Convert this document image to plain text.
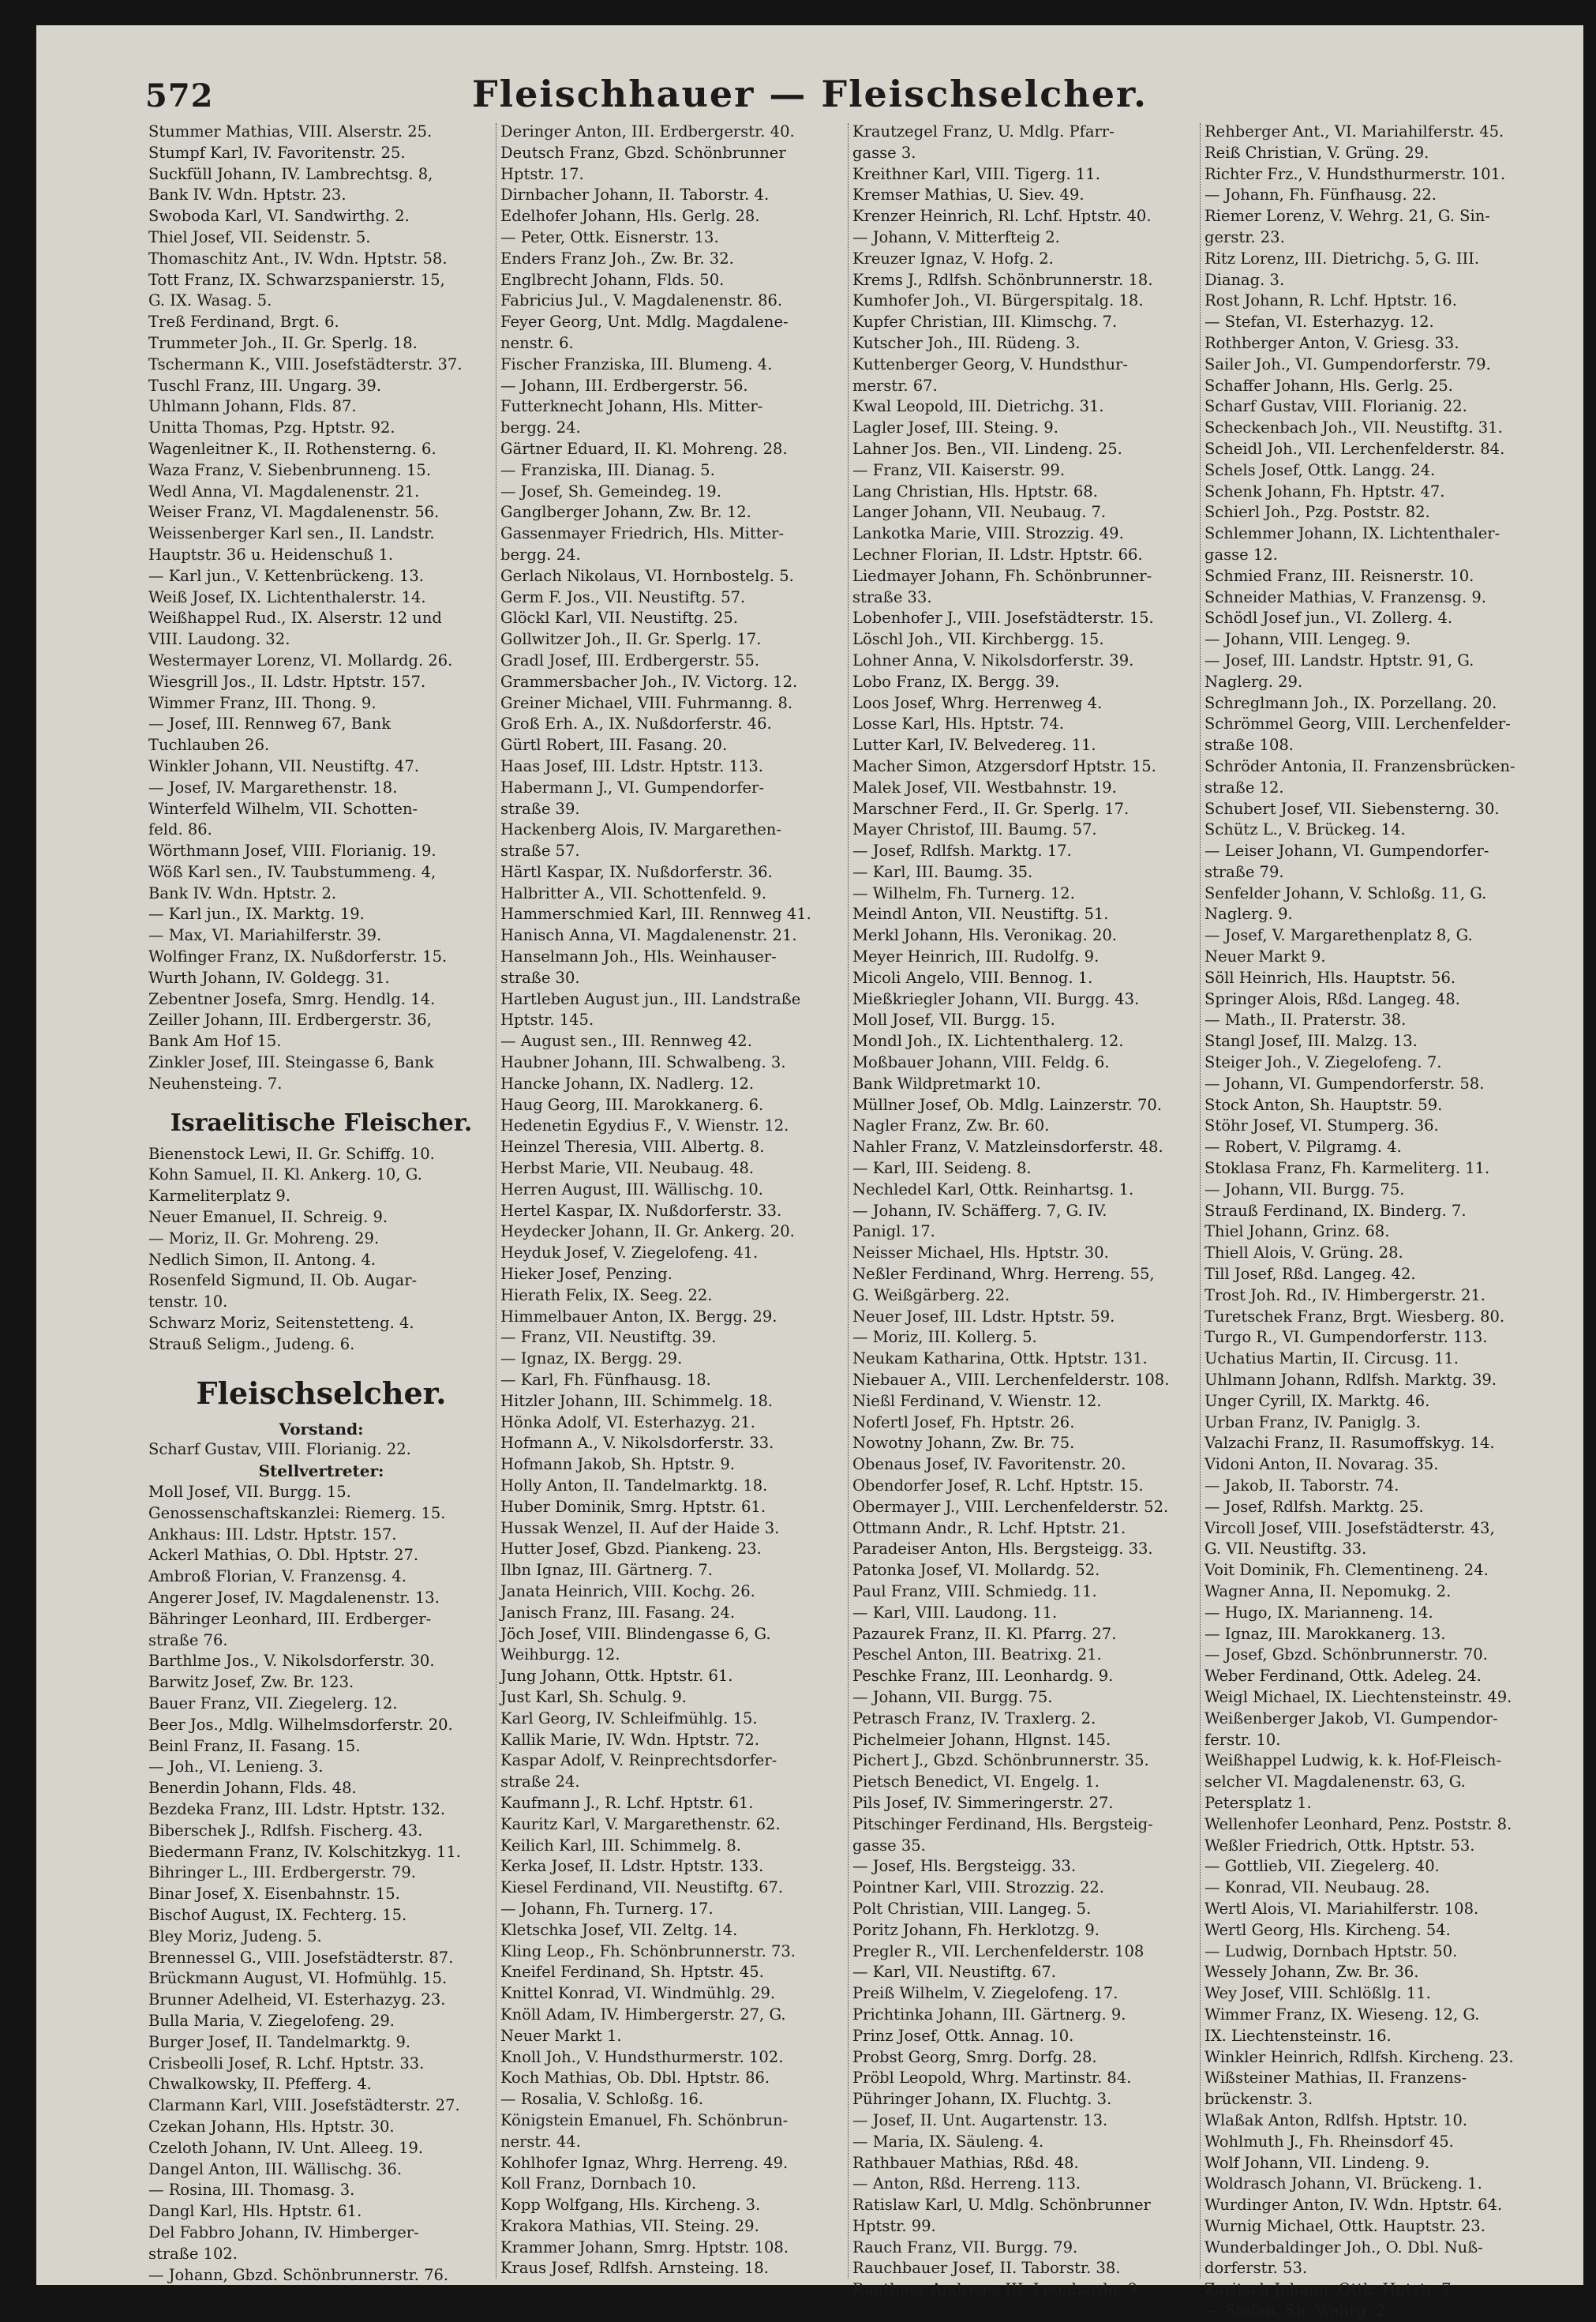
572	Fleischhauer — Fleischselcher.
Stummer Mathias, VIII. Alserstr. 25.
Stumpf Karl, IV. Favoritenstr. 25.
Suckfüll Johann, IV. Lambrechtsg. 8,
Bank IV. Wdn. Hptstr. 23.
Swoboda Karl, VI. Sandwirthg. 2.
Thiel Josef, VII. Seidenstr. 5.
Thomaschitz Ant., IV. Wdn. Hptstr. 58.
Tott Franz, IX. Schwarzspanierstr. 15,
G. IX. Wasag. 5.
Treß Ferdinand, Brgt. 6.
Trummeter Joh., II. Gr. Sperlg. 18.
Tschermann K., VIII. Josefstädterstr. 37.
Tuschl Franz, III. Ungarg. 39.
Uhlmann Johann, Flds. 87.
Unitta Thomas, Pzg. Hptstr. 92.
Wagenleitner K., II. Rothensterng. 6.
Waza Franz, V. Siebenbrunneng. 15.
Wedl Anna, VI. Magdalenenstr. 21.
Weiser Franz, VI. Magdalenenstr. 56.
Weissenberger Karl sen., II. Landstr.
Hauptstr. 36 u. Heidenschuß 1.
— Karl jun., V. Kettenbrückeng. 13.
Weiß Josef, IX. Lichtenthalerstr. 14.
Weißhappel Rud., IX. Alserstr. 12 und
VIII. Laudong. 32.
Westermayer Lorenz, VI. Mollardg. 26.
Wiesgrill Jos., II. Ldstr. Hptstr. 157.
Wimmer Franz, III. Thong. 9.
— Josef, III. Rennweg 67, Bank
Tuchlauben 26.
Winkler Johann, VII. Neustiftg. 47.
— Josef, IV. Margarethenstr. 18.
Winterfeld Wilhelm, VII. Schotten-
feld. 86.
Wörthmann Josef, VIII. Florianig. 19.
Wöß Karl sen., IV. Taubstummeng. 4,
Bank IV. Wdn. Hptstr. 2.
— Karl jun., IX. Marktg. 19.
— Max, VI. Mariahilferstr. 39.
Wolfinger Franz, IX. Nußdorferstr. 15.
Wurth Johann, IV. Goldegg. 31.
Zebentner Josefa, Smrg. Hendlg. 14.
Zeiller Johann, III. Erdbergerstr. 36,
Bank Am Hof 15.
Zinkler Josef, III. Steingasse 6, Bank
Neuhensteing. 7.
Israelitische Fleischer.
Bienenstock Lewi, II. Gr. Schiffg. 10.
Kohn Samuel, II. Kl. Ankerg. 10, G.
Karmeliterplatz 9.
Neuer Emanuel, II. Schreig. 9.
— Moriz, II. Gr. Mohreng. 29.
Nedlich Simon, II. Antong. 4.
Rosenfeld Sigmund, II. Ob. Augar-
tenstr. 10.
Schwarz Moriz, Seitenstetteng. 4.
Strauß Seligm., Judeng. 6.
Fleischselcher.
Vorstand:
Scharf Gustav, VIII. Florianig. 22.
Stellvertreter:
Moll Josef, VII. Burgg. 15.
Genossenschaftskanzlei: Riemerg. 15.
Ankhaus: III. Ldstr. Hptstr. 157.
Ackerl Mathias, O. Dbl. Hptstr. 27.
Ambroß Florian, V. Franzensg. 4.
Angerer Josef, IV. Magdalenenstr. 13.
Bähringer Leonhard, III. Erdberger-
straße 76.
Barthlme Jos., V. Nikolsdorferstr. 30.
Barwitz Josef, Zw. Br. 123.
Bauer Franz, VII. Ziegelerg. 12.
Beer Jos., Mdlg. Wilhelmsdorferstr. 20.
Beinl Franz, II. Fasang. 15.
— Joh., VI. Lenieng. 3.
Benerdin Johann, Flds. 48.
Bezdeka Franz, III. Ldstr. Hptstr. 132.
Biberschek J., Rdlfsh. Fischerg. 43.
Biedermann Franz, IV. Kolschitzkyg. 11.
Bihringer L., III. Erdbergerstr. 79.
Binar Josef, X. Eisenbahnstr. 15.
Bischof August, IX. Fechterg. 15.
Bley Moriz, Judeng. 5.
Brennessel G., VIII. Josefstädterstr. 87.
Brückmann August, VI. Hofmühlg. 15.
Brunner Adelheid, VI. Esterhazyg. 23.
Bulla Maria, V. Ziegelofeng. 29.
Burger Josef, II. Tandelmarktg. 9.
Crisbeolli Josef, R. Lchf. Hptstr. 33.
Chwalkowsky, II. Pfefferg. 4.
Clarmann Karl, VIII. Josefstädterstr. 27.
Czekan Johann, Hls. Hptstr. 30.
Czeloth Johann, IV. Unt. Alleeg. 19.
Dangel Anton, III. Wällischg. 36.
— Rosina, III. Thomasg. 3.
Dangl Karl, Hls. Hptstr. 61.
Del Fabbro Johann, IV. Himberger-
straße 102.
— Johann, Gbzd. Schönbrunnerstr. 76.
Deringer Anton, III. Erdbergerstr. 40.
Deutsch Franz, Gbzd. Schönbrunner
Hptstr. 17.
Dirnbacher Johann, II. Taborstr. 4.
Edelhofer Johann, Hls. Gerlg. 28.
— Peter, Ottk. Eisnerstr. 13.
Enders Franz Joh., Zw. Br. 32.
Englbrecht Johann, Flds. 50.
Fabricius Jul., V. Magdalenenstr. 86.
Feyer Georg, Unt. Mdlg. Magdalene-
nenstr. 6.
Fischer Franziska, III. Blumeng. 4.
— Johann, III. Erdbergerstr. 56.
Futterknecht Johann, Hls. Mitter-
bergg. 24.
Gärtner Eduard, II. Kl. Mohreng. 28.
— Franziska, III. Dianag. 5.
— Josef, Sh. Gemeindeg. 19.
Ganglberger Johann, Zw. Br. 12.
Gassenmayer Friedrich, Hls. Mitter-
bergg. 24.
Gerlach Nikolaus, VI. Hornbostelg. 5.
Germ F. Jos., VII. Neustiftg. 57.
Glöckl Karl, VII. Neustiftg. 25.
Gollwitzer Joh., II. Gr. Sperlg. 17.
Gradl Josef, III. Erdbergerstr. 55.
Grammersbacher Joh., IV. Victorg. 12.
Greiner Michael, VIII. Fuhrmanng. 8.
Groß Erh. A., IX. Nußdorferstr. 46.
Gürtl Robert, III. Fasang. 20.
Haas Josef, III. Ldstr. Hptstr. 113.
Habermann J., VI. Gumpendorfer-
straße 39.
Hackenberg Alois, IV. Margarethen-
straße 57.
Härtl Kaspar, IX. Nußdorferstr. 36.
Halbritter A., VII. Schottenfeld. 9.
Hammerschmied Karl, III. Rennweg 41.
Hanisch Anna, VI. Magdalenenstr. 21.
Hanselmann Joh., Hls. Weinhauser-
straße 30.
Hartleben August jun., III. Landstraße
Hptstr. 145.
— August sen., III. Rennweg 42.
Haubner Johann, III. Schwalbeng. 3.
Hancke Johann, IX. Nadlerg. 12.
Haug Georg, III. Marokkanerg. 6.
Hedenetin Egydius F., V. Wienstr. 12.
Heinzel Theresia, VIII. Albertg. 8.
Herbst Marie, VII. Neubaug. 48.
Herren August, III. Wällischg. 10.
Hertel Kaspar, IX. Nußdorferstr. 33.
Heydecker Johann, II. Gr. Ankerg. 20.
Heyduk Josef, V. Ziegelofeng. 41.
Hieker Josef, Penzing.
Hierath Felix, IX. Seeg. 22.
Himmelbauer Anton, IX. Bergg. 29.
— Franz, VII. Neustiftg. 39.
— Ignaz, IX. Bergg. 29.
— Karl, Fh. Fünfhausg. 18.
Hitzler Johann, III. Schimmelg. 18.
Hönka Adolf, VI. Esterhazyg. 21.
Hofmann A., V. Nikolsdorferstr. 33.
Hofmann Jakob, Sh. Hptstr. 9.
Holly Anton, II. Tandelmarktg. 18.
Huber Dominik, Smrg. Hptstr. 61.
Hussak Wenzel, II. Auf der Haide 3.
Hutter Josef, Gbzd. Piankeng. 23.
Ilbn Ignaz, III. Gärtnerg. 7.
Janata Heinrich, VIII. Kochg. 26.
Janisch Franz, III. Fasang. 24.
Jöch Josef, VIII. Blindengasse 6, G.
Weihburgg. 12.
Jung Johann, Ottk. Hptstr. 61.
Just Karl, Sh. Schulg. 9.
Karl Georg, IV. Schleifmühlg. 15.
Kallik Marie, IV. Wdn. Hptstr. 72.
Kaspar Adolf, V. Reinprechtsdorfer-
straße 24.
Kaufmann J., R. Lchf. Hptstr. 61.
Kauritz Karl, V. Margarethenstr. 62.
Keilich Karl, III. Schimmelg. 8.
Kerka Josef, II. Ldstr. Hptstr. 133.
Kiesel Ferdinand, VII. Neustiftg. 67.
— Johann, Fh. Turnerg. 17.
Kletschka Josef, VII. Zeltg. 14.
Kling Leop., Fh. Schönbrunnerstr. 73.
Kneifel Ferdinand, Sh. Hptstr. 45.
Knittel Konrad, VI. Windmühlg. 29.
Knöll Adam, IV. Himbergerstr. 27, G.
Neuer Markt 1.
Knoll Joh., V. Hundsthurmerstr. 102.
Koch Mathias, Ob. Dbl. Hptstr. 86.
— Rosalia, V. Schloßg. 16.
Königstein Emanuel, Fh. Schönbrun-
nerstr. 44.
Kohlhofer Ignaz, Whrg. Herreng. 49.
Koll Franz, Dornbach 10.
Kopp Wolfgang, Hls. Kircheng. 3.
Krakora Mathias, VII. Steing. 29.
Krammer Johann, Smrg. Hptstr. 108.
Kraus Josef, Rdlfsh. Arnsteing. 18.
Krautzegel Franz, U. Mdlg. Pfarr-
gasse 3.
Kreithner Karl, VIII. Tigerg. 11.
Kremser Mathias, U. Siev. 49.
Krenzer Heinrich, Rl. Lchf. Hptstr. 40.
— Johann, V. Mitterfteig 2.
Kreuzer Ignaz, V. Hofg. 2.
Krems J., Rdlfsh. Schönbrunnerstr. 18.
Kumhofer Joh., VI. Bürgerspitalg. 18.
Kupfer Christian, III. Klimschg. 7.
Kutscher Joh., III. Rüdeng. 3.
Kuttenberger Georg, V. Hundsthur-
merstr. 67.
Kwal Leopold, III. Dietrichg. 31.
Lagler Josef, III. Steing. 9.
Lahner Jos. Ben., VII. Lindeng. 25.
— Franz, VII. Kaiserstr. 99.
Lang Christian, Hls. Hptstr. 68.
Langer Johann, VII. Neubaug. 7.
Lankotka Marie, VIII. Strozzig. 49.
Lechner Florian, II. Ldstr. Hptstr. 66.
Liedmayer Johann, Fh. Schönbrunner-
straße 33.
Lobenhofer J., VIII. Josefstädterstr. 15.
Löschl Joh., VII. Kirchbergg. 15.
Lohner Anna, V. Nikolsdorferstr. 39.
Lobo Franz, IX. Bergg. 39.
Loos Josef, Whrg. Herrenweg 4.
Losse Karl, Hls. Hptstr. 74.
Lutter Karl, IV. Belvedereg. 11.
Macher Simon, Atzgersdorf Hptstr. 15.
Malek Josef, VII. Westbahnstr. 19.
Marschner Ferd., II. Gr. Sperlg. 17.
Mayer Christof, III. Baumg. 57.
— Josef, Rdlfsh. Marktg. 17.
— Karl, III. Baumg. 35.
— Wilhelm, Fh. Turnerg. 12.
Meindl Anton, VII. Neustiftg. 51.
Merkl Johann, Hls. Veronikag. 20.
Meyer Heinrich, III. Rudolfg. 9.
Micoli Angelo, VIII. Bennog. 1.
Mießkriegler Johann, VII. Burgg. 43.
Moll Josef, VII. Burgg. 15.
Mondl Joh., IX. Lichtenthalerg. 12.
Moßbauer Johann, VIII. Feldg. 6.
Bank Wildpretmarkt 10.
Müllner Josef, Ob. Mdlg. Lainzerstr. 70.
Nagler Franz, Zw. Br. 60.
Nahler Franz, V. Matzleinsdorferstr. 48.
— Karl, III. Seideng. 8.
Nechledel Karl, Ottk. Reinhartsg. 1.
— Johann, IV. Schäfferg. 7, G. IV.
Panigl. 17.
Neisser Michael, Hls. Hptstr. 30.
Neßler Ferdinand, Whrg. Herreng. 55,
G. Weißgärberg. 22.
Neuer Josef, III. Ldstr. Hptstr. 59.
— Moriz, III. Kollerg. 5.
Neukam Katharina, Ottk. Hptstr. 131.
Niebauer A., VIII. Lerchenfelderstr. 108.
Nießl Ferdinand, V. Wienstr. 12.
Nofertl Josef, Fh. Hptstr. 26.
Nowotny Johann, Zw. Br. 75.
Obenaus Josef, IV. Favoritenstr. 20.
Obendorfer Josef, R. Lchf. Hptstr. 15.
Obermayer J., VIII. Lerchenfelderstr. 52.
Ottmann Andr., R. Lchf. Hptstr. 21.
Paradeiser Anton, Hls. Bergsteigg. 33.
Patonka Josef, VI. Mollardg. 52.
Paul Franz, VIII. Schmiedg. 11.
— Karl, VIII. Laudong. 11.
Pazaurek Franz, II. Kl. Pfarrg. 27.
Peschel Anton, III. Beatrixg. 21.
Peschke Franz, III. Leonhardg. 9.
— Johann, VII. Burgg. 75.
Petrasch Franz, IV. Traxlerg. 2.
Pichelmeier Johann, Hlgnst. 145.
Pichert J., Gbzd. Schönbrunnerstr. 35.
Pietsch Benedict, VI. Engelg. 1.
Pils Josef, IV. Simmeringerstr. 27.
Pitschinger Ferdinand, Hls. Bergsteig-
gasse 35.
— Josef, Hls. Bergsteigg. 33.
Pointner Karl, VIII. Strozzig. 22.
Polt Christian, VIII. Langeg. 5.
Poritz Johann, Fh. Herklotzg. 9.
Pregler R., VII. Lerchenfelderstr. 108
— Karl, VII. Neustiftg. 67.
Preiß Wilhelm, V. Ziegelofeng. 17.
Prichtinka Johann, III. Gärtnerg. 9.
Prinz Josef, Ottk. Annag. 10.
Probst Georg, Smrg. Dorfg. 28.
Pröbl Leopold, Whrg. Martinstr. 84.
Pühringer Johann, IX. Fluchtg. 3.
— Josef, II. Unt. Augartenstr. 13.
— Maria, IX. Säuleng. 4.
Rathbauer Mathias, Rßd. 48.
— Anton, Rßd. Herreng. 113.
Ratislaw Karl, U. Mdlg. Schönbrunner
Hptstr. 99.
Rauch Franz, VII. Burgg. 79.
Rauchbauer Josef, II. Taborstr. 38.
Rauthner Andreas, III. Leonhardg. 9.
Rehberger Ant., VI. Mariahilferstr. 45.
Reiß Christian, V. Grüng. 29.
Richter Frz., V. Hundsthurmerstr. 101.
— Johann, Fh. Fünfhausg. 22.
Riemer Lorenz, V. Wehrg. 21, G. Sin-
gerstr. 23.
Ritz Lorenz, III. Dietrichg. 5, G. III.
Dianag. 3.
Rost Johann, R. Lchf. Hptstr. 16.
— Stefan, VI. Esterhazyg. 12.
Rothberger Anton, V. Griesg. 33.
Sailer Joh., VI. Gumpendorferstr. 79.
Schaffer Johann, Hls. Gerlg. 25.
Scharf Gustav, VIII. Florianig. 22.
Scheckenbach Joh., VII. Neustiftg. 31.
Scheidl Joh., VII. Lerchenfelderstr. 84.
Schels Josef, Ottk. Langg. 24.
Schenk Johann, Fh. Hptstr. 47.
Schierl Joh., Pzg. Poststr. 82.
Schlemmer Johann, IX. Lichtenthaler-
gasse 12.
Schmied Franz, III. Reisnerstr. 10.
Schneider Mathias, V. Franzensg. 9.
Schödl Josef jun., VI. Zollerg. 4.
— Johann, VIII. Lengeg. 9.
— Josef, III. Landstr. Hptstr. 91, G.
Naglerg. 29.
Schreglmann Joh., IX. Porzellang. 20.
Schrömmel Georg, VIII. Lerchenfelder-
straße 108.
Schröder Antonia, II. Franzensbrücken-
straße 12.
Schubert Josef, VII. Siebensterng. 30.
Schütz L., V. Brückeg. 14.
— Leiser Johann, VI. Gumpendorfer-
straße 79.
Senfelder Johann, V. Schloßg. 11, G.
Naglerg. 9.
— Josef, V. Margarethenplatz 8, G.
Neuer Markt 9.
Söll Heinrich, Hls. Hauptstr. 56.
Springer Alois, Rßd. Langeg. 48.
— Math., II. Praterstr. 38.
Stangl Josef, III. Malzg. 13.
Steiger Joh., V. Ziegelofeng. 7.
— Johann, VI. Gumpendorferstr. 58.
Stock Anton, Sh. Hauptstr. 59.
Stöhr Josef, VI. Stumperg. 36.
— Robert, V. Pilgramg. 4.
Stoklasa Franz, Fh. Karmeliterg. 11.
— Johann, VII. Burgg. 75.
Strauß Ferdinand, IX. Binderg. 7.
Thiel Johann, Grinz. 68.
Thiell Alois, V. Grüng. 28.
Till Josef, Rßd. Langeg. 42.
Trost Joh. Rd., IV. Himbergerstr. 21.
Turetschek Franz, Brgt. Wiesberg. 80.
Turgo R., VI. Gumpendorferstr. 113.
Uchatius Martin, II. Circusg. 11.
Uhlmann Johann, Rdlfsh. Marktg. 39.
Unger Cyrill, IX. Marktg. 46.
Urban Franz, IV. Paniglg. 3.
Valzachi Franz, II. Rasumoffskyg. 14.
Vidoni Anton, II. Novarag. 35.
— Jakob, II. Taborstr. 74.
— Josef, Rdlfsh. Marktg. 25.
Vircoll Josef, VIII. Josefstädterstr. 43,
G. VII. Neustiftg. 33.
Voit Dominik, Fh. Clementineng. 24.
Wagner Anna, II. Nepomukg. 2.
— Hugo, IX. Marianneng. 14.
— Ignaz, III. Marokkanerg. 13.
— Josef, Gbzd. Schönbrunnerstr. 70.
Weber Ferdinand, Ottk. Adeleg. 24.
Weigl Michael, IX. Liechtensteinstr. 49.
Weißenberger Jakob, VI. Gumpendor-
ferstr. 10.
Weißhappel Ludwig, k. k. Hof-Fleisch-
selcher VI. Magdalenenstr. 63, G.
Petersplatz 1.
Wellenhofer Leonhard, Penz. Poststr. 8.
Weßler Friedrich, Ottk. Hptstr. 53.
— Gottlieb, VII. Ziegelerg. 40.
— Konrad, VII. Neubaug. 28.
Wertl Alois, VI. Mariahilferstr. 108.
Wertl Georg, Hls. Kircheng. 54.
— Ludwig, Dornbach Hptstr. 50.
Wessely Johann, Zw. Br. 36.
Wey Josef, VIII. Schlößlg. 11.
Wimmer Franz, IX. Wieseng. 12, G.
IX. Liechtensteinstr. 16.
Winkler Heinrich, Rdlfsh. Kircheng. 23.
Wißsteiner Mathias, II. Franzens-
brückenstr. 3.
Wlaßak Anton, Rdlfsh. Hptstr. 10.
Wohlmuth J., Fh. Rheinsdorf 45.
Wolf Johann, VII. Lindeng. 9.
Woldrasch Johann, VI. Brückeng. 1.
Wurdinger Anton, IV. Wdn. Hptstr. 64.
Wurnig Michael, Ottk. Hauptstr. 23.
Wunderbaldinger Joh., O. Dbl. Nuß-
dorferstr. 53.
Zaritsch Johann, Ottk. Hptstr. 7.
— Stefan, Sh. Wehrg. 2.
